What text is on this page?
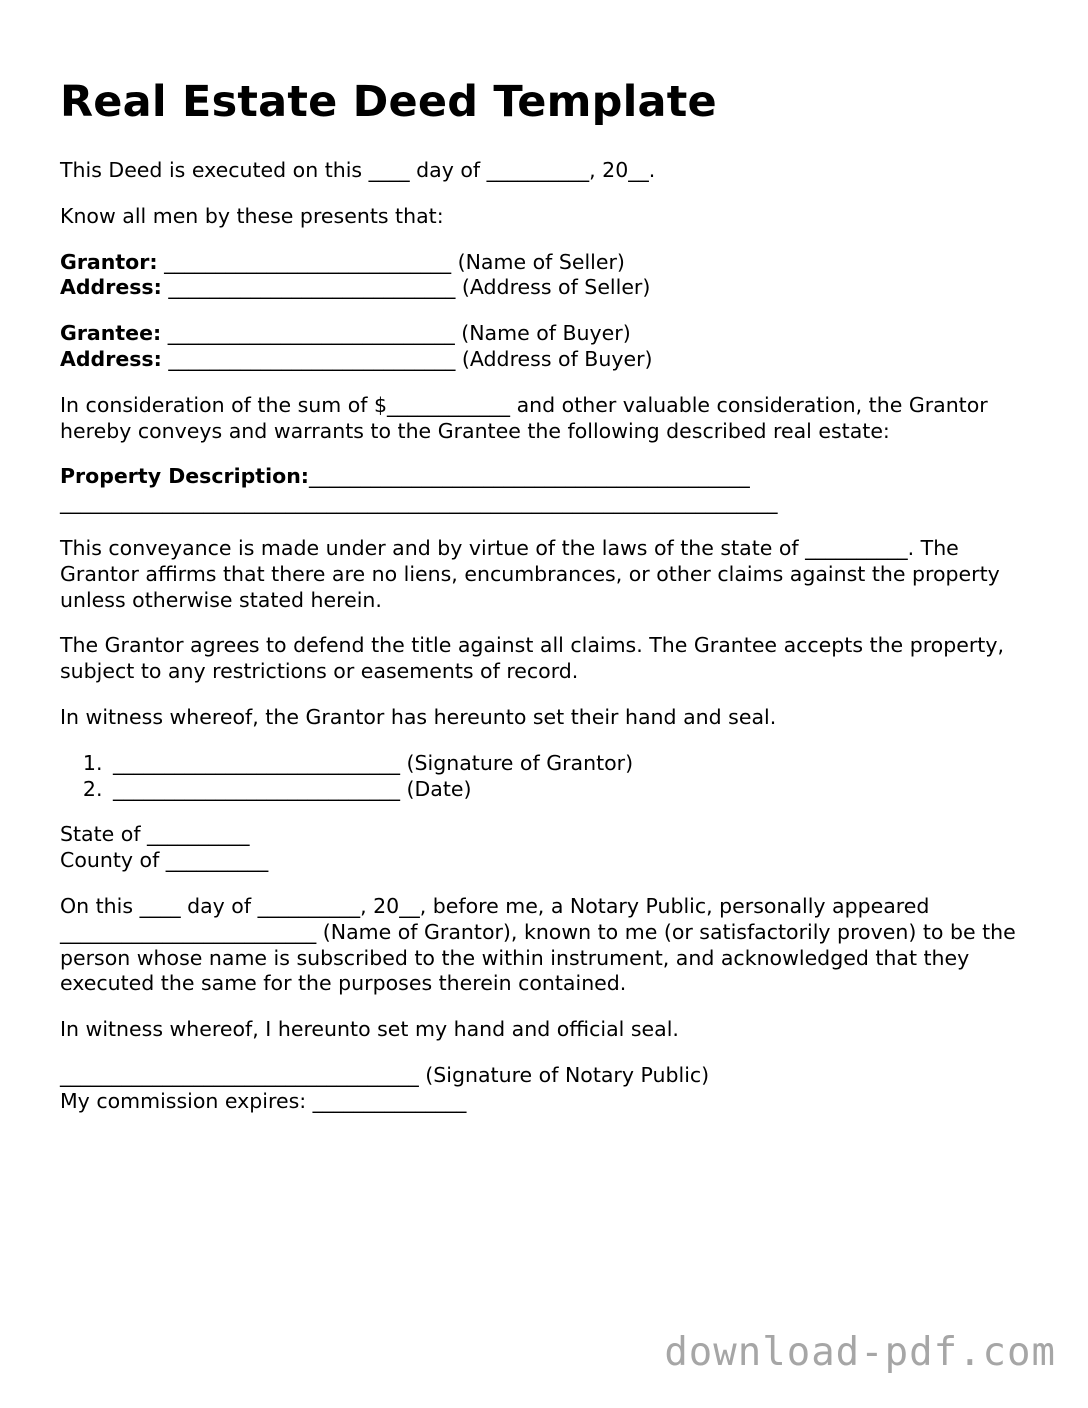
Real Estate Deed Template

This Deed is executed on this ____ day of __________, 20__.

Know all men by these presents that:

Grantor: ____________________________ (Name of Seller)
Address: ____________________________ (Address of Seller)

Grantee: ____________________________ (Name of Buyer)
Address: ____________________________ (Address of Buyer)

In consideration of the sum of $____________ and other valuable consideration, the Grantor hereby conveys and warrants to the Grantee the following described real estate:

Property Description:___________________________________________
______________________________________________________________________

This conveyance is made under and by virtue of the laws of the state of __________. The Grantor affirms that there are no liens, encumbrances, or other claims against the property unless otherwise stated herein.

The Grantor agrees to defend the title against all claims. The Grantee accepts the property, subject to any restrictions or easements of record.

In witness whereof, the Grantor has hereunto set their hand and seal.

1. ____________________________ (Signature of Grantor)
2. ____________________________ (Date)

State of __________
County of __________

On this ____ day of __________, 20__, before me, a Notary Public, personally appeared _________________________ (Name of Grantor), known to me (or satisfactorily proven) to be the person whose name is subscribed to the within instrument, and acknowledged that they executed the same for the purposes therein contained.

In witness whereof, I hereunto set my hand and official seal.

___________________________________ (Signature of Notary Public)
My commission expires: _______________

download-pdf.com
